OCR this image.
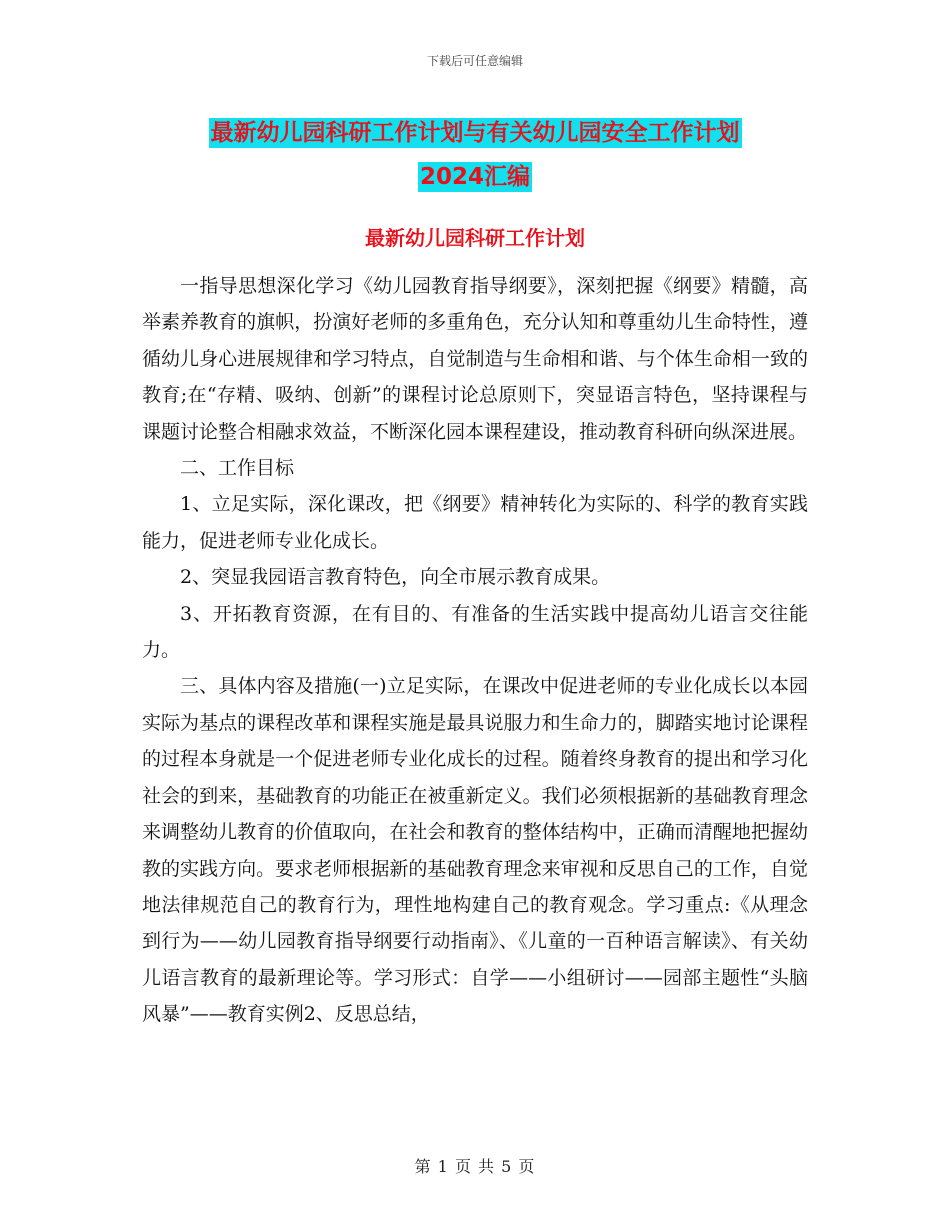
下载后可任意编辑
最新幼儿园科研工作计划与有关幼儿园安全工作计划
2024汇编
最新幼儿园科研工作计划

一指导思想深化学习《幼儿园教育指导纲要》，深刻把握《纲要》精髓，高举素养教育的旗帜，扮演好老师的多重角色，充分认知和尊重幼儿生命特性，遵循幼儿身心进展规律和学习特点，自觉制造与生命相和谐、与个体生命相一致的教育;在“存精、吸纳、创新”的课程讨论总原则下，突显语言特色，坚持课程与课题讨论整合相融求效益，不断深化园本课程建设，推动教育科研向纵深进展。

二、工作目标

1、立足实际，深化课改，把《纲要》精神转化为实际的、科学的教育实践能力，促进老师专业化成长。

2、突显我园语言教育特色，向全市展示教育成果。

3、开拓教育资源，在有目的、有准备的生活实践中提高幼儿语言交往能力。

三、具体内容及措施(一)立足实际，在课改中促进老师的专业化成长以本园实际为基点的课程改革和课程实施是最具说服力和生命力的，脚踏实地讨论课程的过程本身就是一个促进老师专业化成长的过程。随着终身教育的提出和学习化社会的到来，基础教育的功能正在被重新定义。我们必须根据新的基础教育理念来调整幼儿教育的价值取向，在社会和教育的整体结构中，正确而清醒地把握幼教的实践方向。要求老师根据新的基础教育理念来审视和反思自己的工作，自觉地法律规范自己的教育行为，理性地构建自己的教育观念。学习重点:《从理念到行为——幼儿园教育指导纲要行动指南》、《儿童的一百种语言解读》、有关幼儿语言教育的最新理论等。学习形式：自学——小组研讨——园部主题性“头脑风暴”——教育实例2、反思总结，

第 1 页 共 5 页
